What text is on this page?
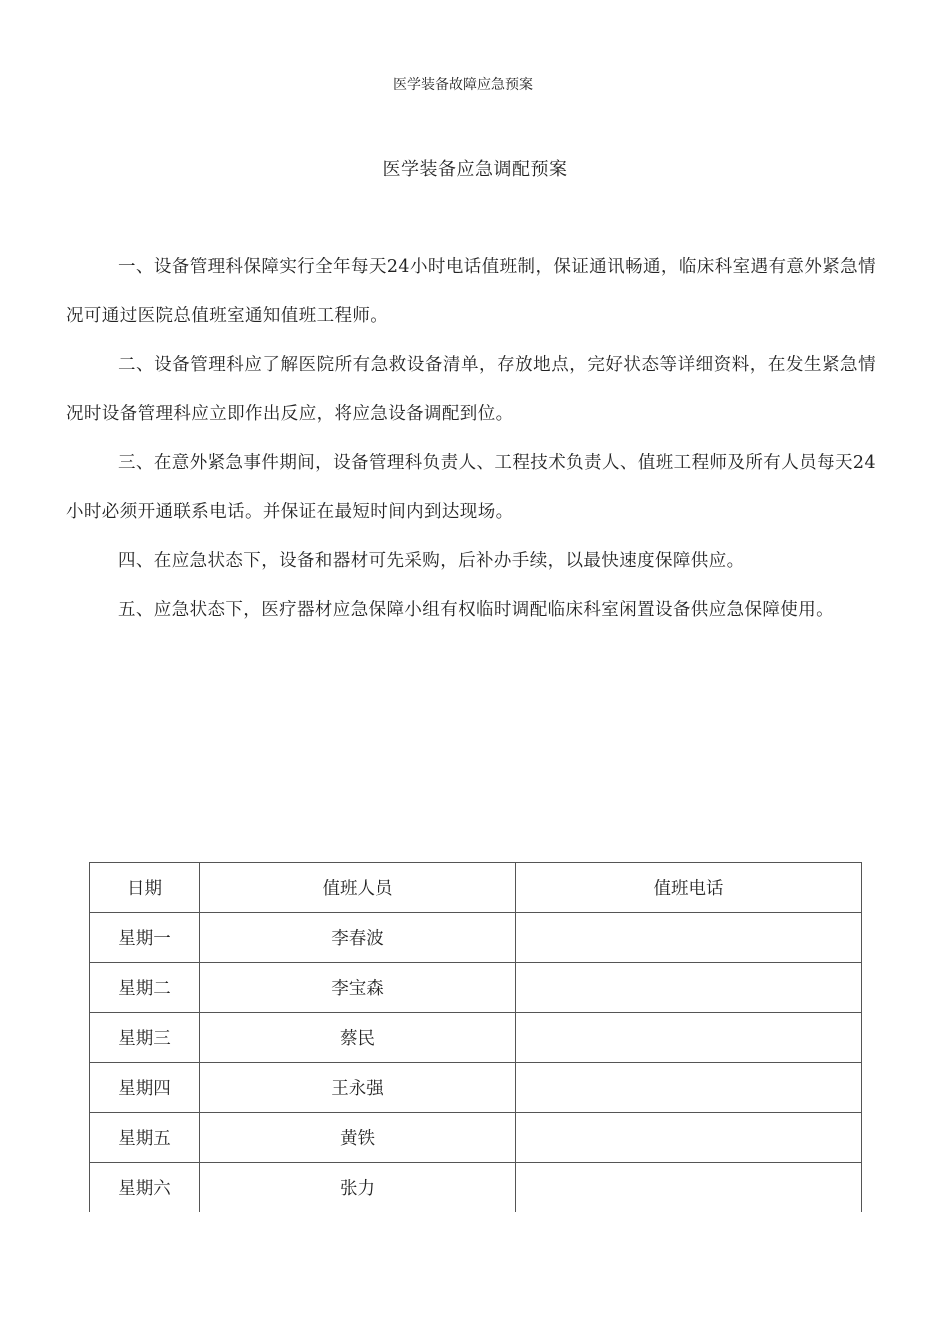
医学装备故障应急预案
医学装备应急调配预案

一、设备管理科保障实行全年每天24小时电话值班制，保证通讯畅通，临床科室遇有意外紧急情况可通过医院总值班室通知值班工程师。

二、设备管理科应了解医院所有急救设备清单，存放地点，完好状态等详细资料，在发生紧急情况时设备管理科应立即作出反应，将应急设备调配到位。

三、在意外紧急事件期间，设备管理科负责人、工程技术负责人、值班工程师及所有人员每天24小时必须开通联系电话。并保证在最短时间内到达现场。

四、在应急状态下，设备和器材可先采购，后补办手续，以最快速度保障供应。

五、应急状态下，医疗器材应急保障小组有权临时调配临床科室闲置设备供应急保障使用。

日期	值班人员	值班电话
星期一	李春波	
星期二	李宝森	
星期三	蔡民	
星期四	王永强	
星期五	黄铁	
星期六	张力	
